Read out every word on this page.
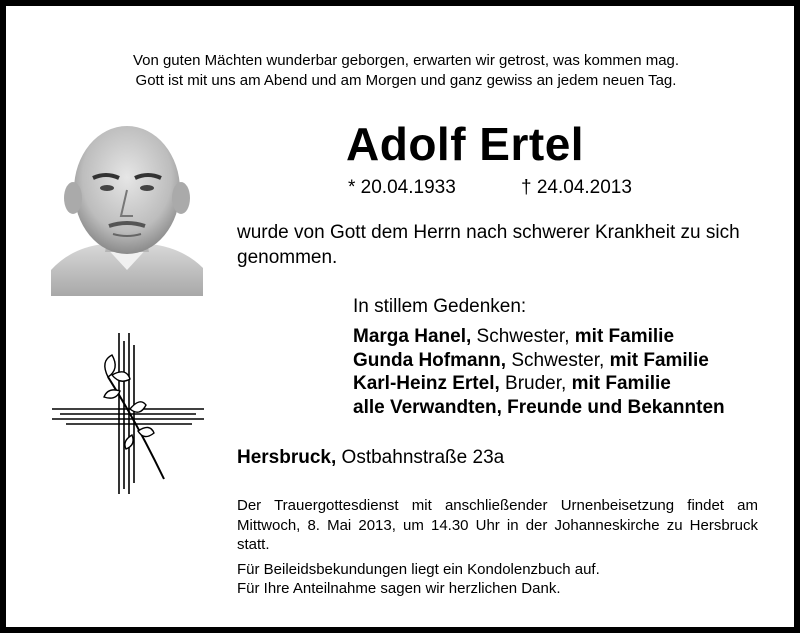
Von guten Mächten wunderbar geborgen, erwarten wir getrost, was kommen mag.
Gott ist mit uns am Abend und am Morgen und ganz gewiss an jedem neuen Tag.
Adolf Ertel
* 20.04.1933	† 24.04.2013
wurde von Gott dem Herrn nach schwerer Krankheit zu sich genommen.
In stillem Gedenken:
Marga Hanel, Schwester, mit Familie
Gunda Hofmann, Schwester, mit Familie
Karl-Heinz Ertel, Bruder, mit Familie
alle Verwandten, Freunde und Bekannten
Hersbruck, Ostbahnstraße 23a

Der Trauergottesdienst mit anschließender Urnenbeisetzung findet am Mittwoch, 8. Mai 2013, um 14.30 Uhr in der Johanneskirche zu Hersbruck statt.

Für Beileidsbekundungen liegt ein Kondolenzbuch auf.

Für Ihre Anteilnahme sagen wir herzlichen Dank.
